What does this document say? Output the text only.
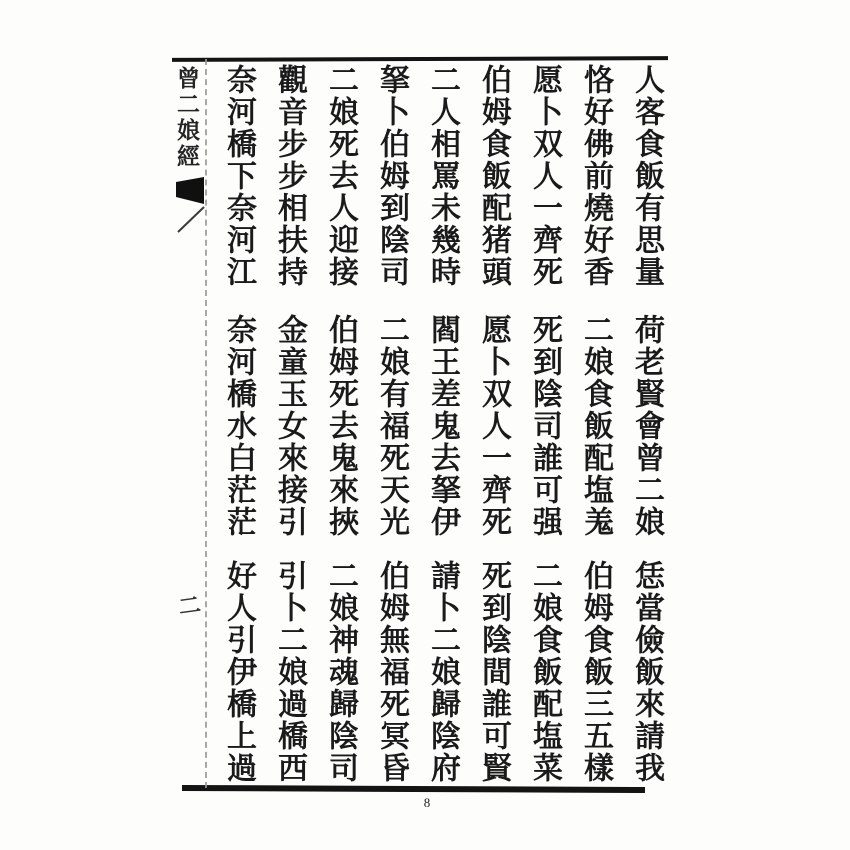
曾二娘經
二
人客食飯有思量
恪好佛前燒好香
愿卜双人一齊死
伯姆食飯配猪頭
二人相罵未幾時
拏卜伯姆到陰司
二娘死去人迎接
觀音步步相扶持
奈河橋下奈河江
荷老賢會曾二娘
二娘食飯配塩羗
死到陰司誰可强
愿卜双人一齊死
閻王差鬼去拏伊
二娘有福死天光
伯姆死去鬼來挾
金童玉女來接引
奈河橋水白茫茫
恁當儉飯來請我
伯姆食飯三五樣
二娘食飯配塩菜
死到陰間誰可賢
請卜二娘歸陰府
伯姆無福死冥昏
二娘神魂歸陰司
引卜二娘過橋西
好人引伊橋上過
8
